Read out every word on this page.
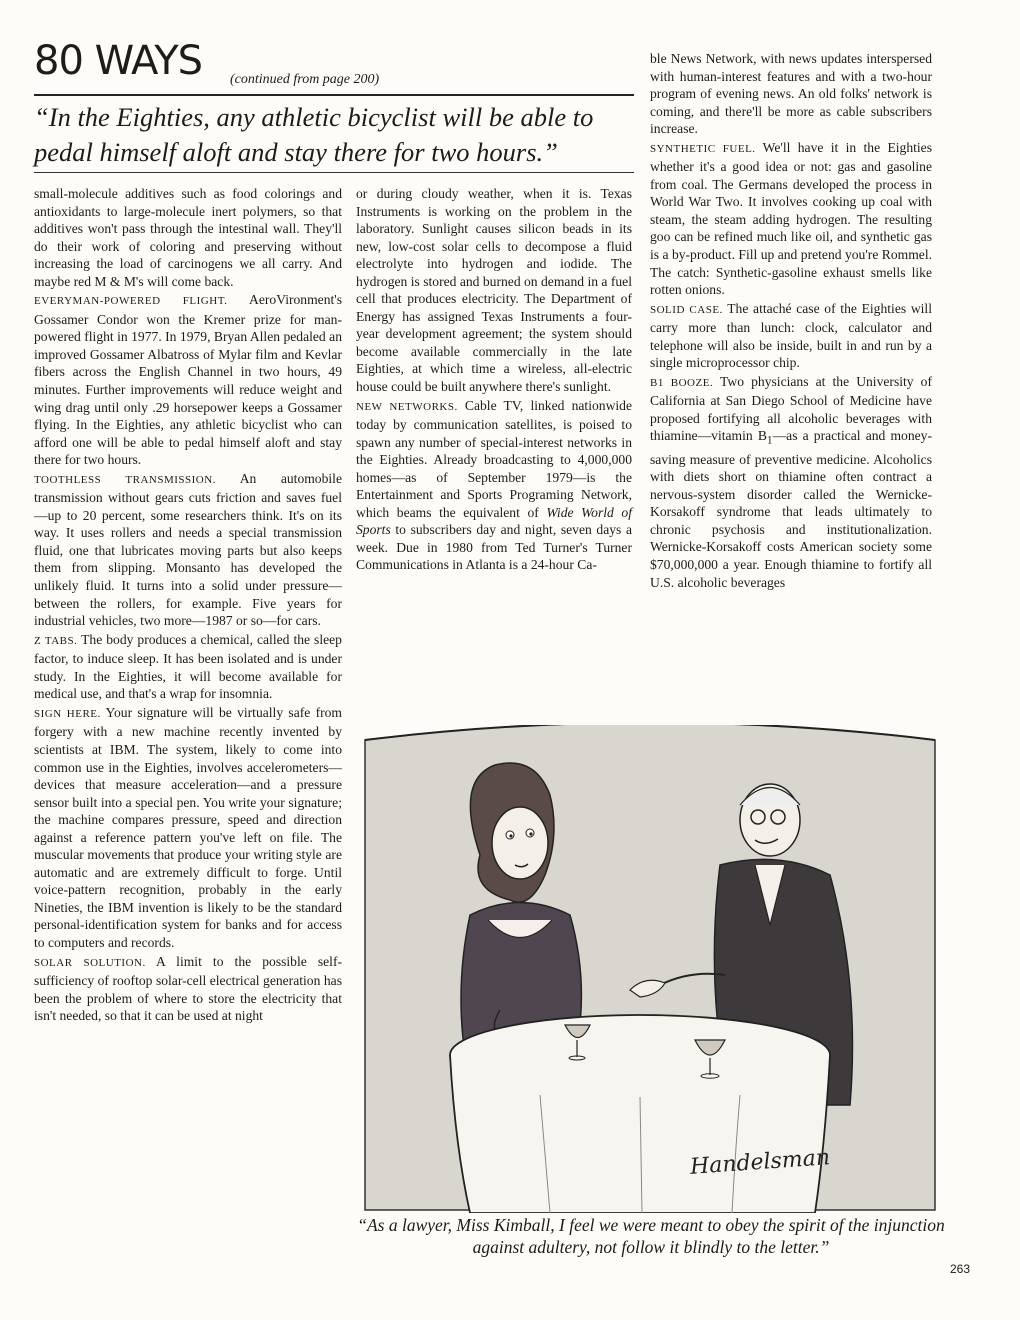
80 WAYS (continued from page 200)
“In the Eighties, any athletic bicyclist will be able to pedal himself aloft and stay there for two hours.”

small-molecule additives such as food colorings and antioxidants to large-molecule inert polymers, so that additives won't pass through the intestinal wall. They'll do their work of coloring and preserving without increasing the load of carcinogens we all carry. And maybe red M & M's will come back.

EVERYMAN-POWERED FLIGHT. AeroVironment's Gossamer Condor won the Kremer prize for man-powered flight in 1977. In 1979, Bryan Allen pedaled an improved Gossamer Albatross of Mylar film and Kevlar fibers across the English Channel in two hours, 49 minutes. Further improvements will reduce weight and wing drag until only .29 horsepower keeps a Gossamer flying. In the Eighties, any athletic bicyclist who can afford one will be able to pedal himself aloft and stay there for two hours.

TOOTHLESS TRANSMISSION. An automobile transmission without gears cuts friction and saves fuel—up to 20 percent, some researchers think. It's on its way. It uses rollers and needs a special transmission fluid, one that lubricates moving parts but also keeps them from slipping. Monsanto has developed the unlikely fluid. It turns into a solid under pressure—between the rollers, for example. Five years for industrial vehicles, two more—1987 or so—for cars.

Z TABS. The body produces a chemical, called the sleep factor, to induce sleep. It has been isolated and is under study. In the Eighties, it will become available for medical use, and that's a wrap for insomnia.

SIGN HERE. Your signature will be virtually safe from forgery with a new machine recently invented by scientists at IBM. The system, likely to come into common use in the Eighties, involves accelerometers—devices that measure acceleration—and a pressure sensor built into a special pen. You write your signature; the machine compares pressure, speed and direction against a reference pattern you've left on file. The muscular movements that produce your writing style are automatic and are extremely difficult to forge. Until voice-pattern recognition, probably in the early Nineties, the IBM invention is likely to be the standard personal-identification system for banks and for access to computers and records.

SOLAR SOLUTION. A limit to the possible self-sufficiency of rooftop solar-cell electrical generation has been the problem of where to store the electricity that isn't needed, so that it can be used at night

or during cloudy weather, when it is. Texas Instruments is working on the problem in the laboratory. Sunlight causes silicon beads in its new, low-cost solar cells to decompose a fluid electrolyte into hydrogen and iodide. The hydrogen is stored and burned on demand in a fuel cell that produces electricity. The Department of Energy has assigned Texas Instruments a four-year development agreement; the system should become available commercially in the late Eighties, at which time a wireless, all-electric house could be built anywhere there's sunlight.

NEW NETWORKS. Cable TV, linked nationwide today by communication satellites, is poised to spawn any number of special-interest networks in the Eighties. Already broadcasting to 4,000,000 homes—as of September 1979—is the Entertainment and Sports Programing Network, which beams the equivalent of Wide World of Sports to subscribers day and night, seven days a week. Due in 1980 from Ted Turner's Turner Communications in Atlanta is a 24-hour Ca-

ble News Network, with news updates interspersed with human-interest features and with a two-hour program of evening news. An old folks' network is coming, and there'll be more as cable subscribers increase.

SYNTHETIC FUEL. We'll have it in the Eighties whether it's a good idea or not: gas and gasoline from coal. The Germans developed the process in World War Two. It involves cooking up coal with steam, the steam adding hydrogen. The resulting goo can be refined much like oil, and synthetic gas is a by-product. Fill up and pretend you're Rommel. The catch: Synthetic-gasoline exhaust smells like rotten onions.

SOLID CASE. The attaché case of the Eighties will carry more than lunch: clock, calculator and telephone will also be inside, built in and run by a single microprocessor chip.

B1 BOOZE. Two physicians at the University of California at San Diego School of Medicine have proposed fortifying all alcoholic beverages with thiamine—vitamin $B_1—as$ a practical and money-saving measure of preventive medicine. Alcoholics with diets short on thiamine often contract a nervous-system disorder called the Wernicke-Korsakoff syndrome that leads ultimately to chronic psychosis and institutionalization. Wernicke-Korsakoff costs American society some $70,000,000 a year. Enough thiamine to fortify all U.S. alcoholic beverages

Handelsman
“As a lawyer, Miss Kimball, I feel we were meant to obey the spirit of the injunction against adultery, not follow it blindly to the letter.”
263
